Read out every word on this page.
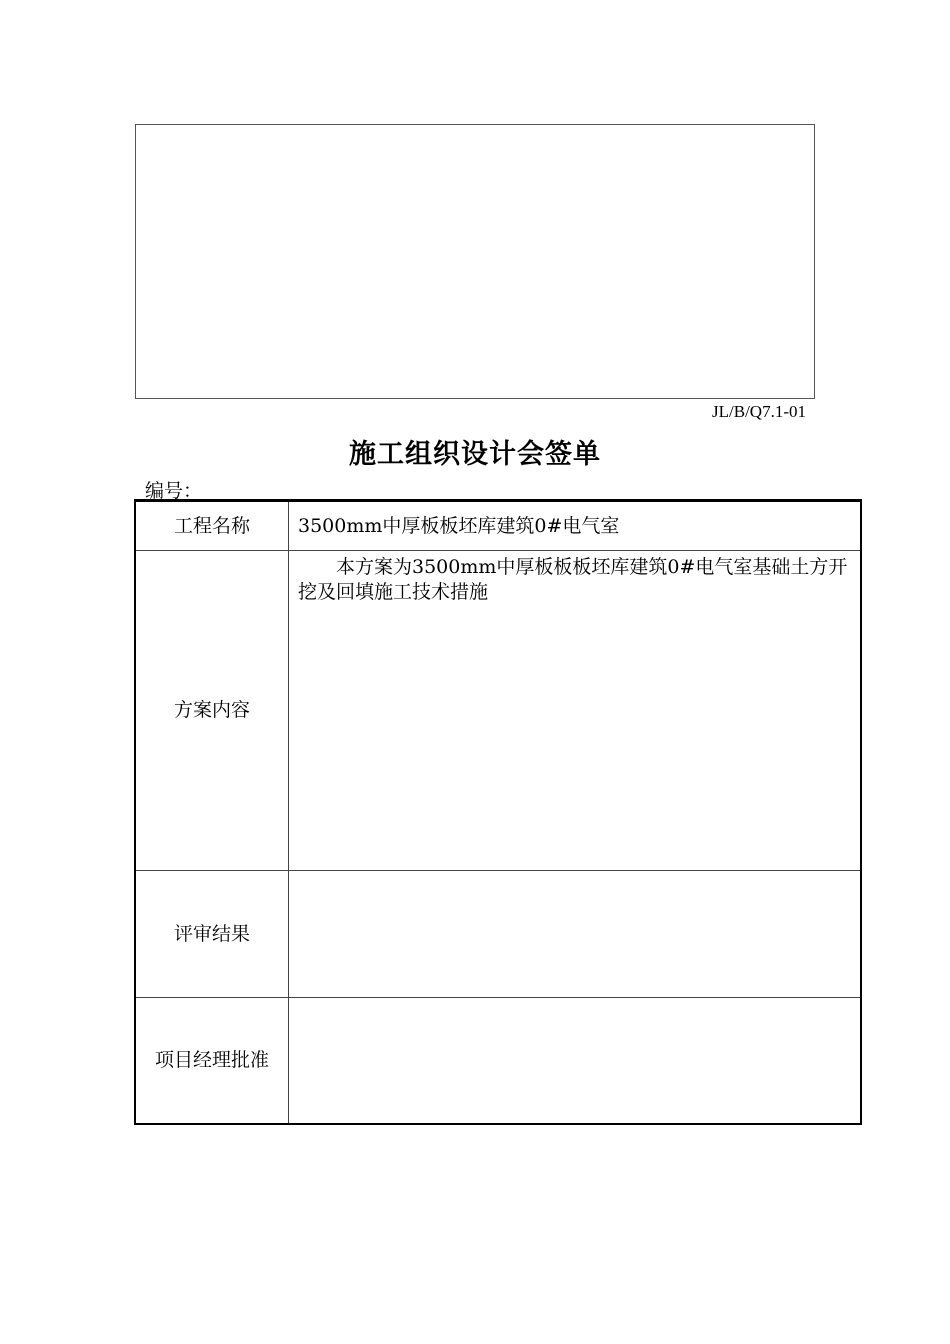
JL/B/Q7.1-01
施工组织设计会签单
编号：
工程名称	3500mm中厚板板坯库建筑0#电气室
方案内容	本方案为3500mm中厚板板板坯库建筑0#电气室基础土方开挖及回填施工技术措施
评审结果	
项目经理批准	
